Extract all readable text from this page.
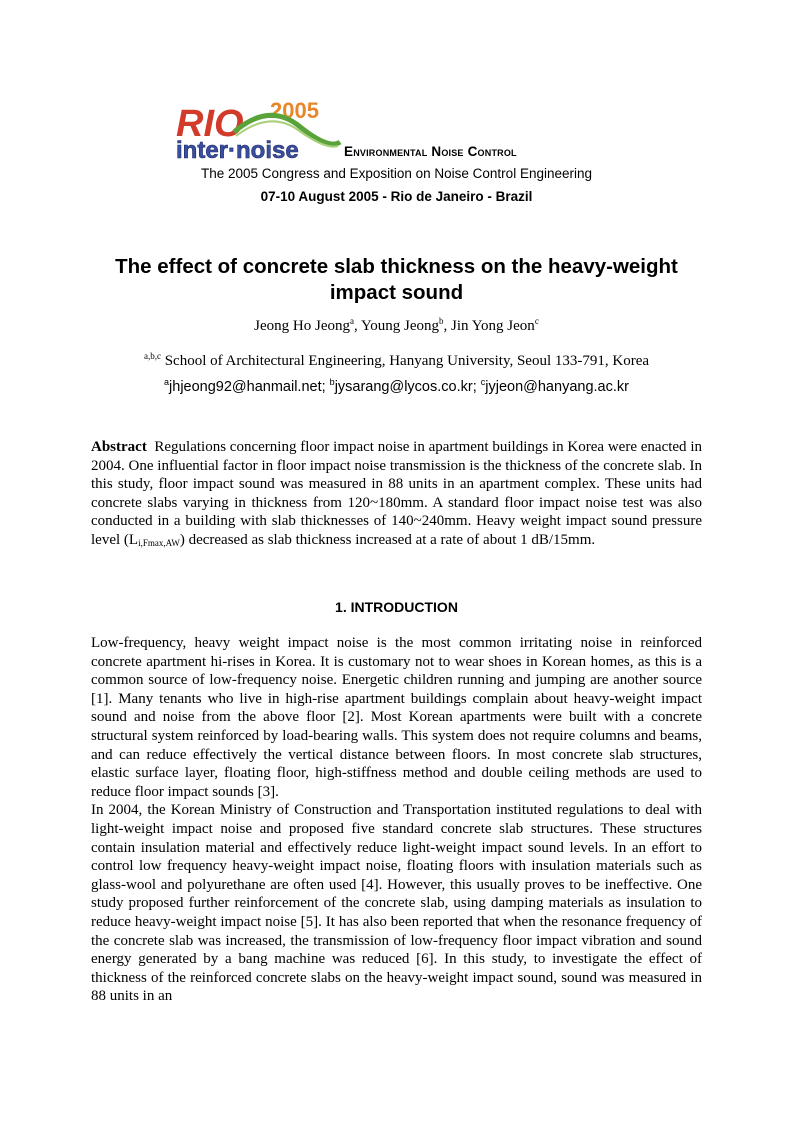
RIO 2005
inter·noise	Environmental Noise Control
The 2005 Congress and Exposition on Noise Control Engineering
07-10 August 2005 - Rio de Janeiro - Brazil
The effect of concrete slab thickness on the heavy-weight impact sound
Jeong Ho Jeong$^a$, Young Jeong$^b$, Jin Yong Jeon$^c$
$^{a,b,c}$ School of Architectural Engineering, Hanyang University, Seoul 133-791, Korea
$^a$jhjeong92@hanmail.net; $^b$jysarang@lycos.co.kr; $^c$jyjeon@hanyang.ac.kr

Abstract Regulations concerning floor impact noise in apartment buildings in Korea were enacted in 2004. One influential factor in floor impact noise transmission is the thickness of the concrete slab. In this study, floor impact sound was measured in 88 units in an apartment complex. These units had concrete slabs varying in thickness from 120~180mm. A standard floor impact noise test was also conducted in a building with slab thicknesses of 140~240mm. Heavy weight impact sound pressure level $(L_{i,Fmax,AW})$ decreased as slab thickness increased at a rate of about 1 dB/15mm.

1. INTRODUCTION

Low-frequency, heavy weight impact noise is the most common irritating noise in reinforced concrete apartment hi-rises in Korea. It is customary not to wear shoes in Korean homes, as this is a common source of low-frequency noise. Energetic children running and jumping are another source [1]. Many tenants who live in high-rise apartment buildings complain about heavy-weight impact sound and noise from the above floor [2]. Most Korean apartments were built with a concrete structural system reinforced by load-bearing walls. This system does not require columns and beams, and can reduce effectively the vertical distance between floors. In most concrete slab structures, elastic surface layer, floating floor, high-stiffness method and double ceiling methods are used to reduce floor impact sounds [3].

In 2004, the Korean Ministry of Construction and Transportation instituted regulations to deal with light-weight impact noise and proposed five standard concrete slab structures. These structures contain insulation material and effectively reduce light-weight impact sound levels. In an effort to control low frequency heavy-weight impact noise, floating floors with insulation materials such as glass-wool and polyurethane are often used [4]. However, this usually proves to be ineffective. One study proposed further reinforcement of the concrete slab, using damping materials as insulation to reduce heavy-weight impact noise [5]. It has also been reported that when the resonance frequency of the concrete slab was increased, the transmission of low-frequency floor impact vibration and sound energy generated by a bang machine was reduced [6]. In this study, to investigate the effect of thickness of the reinforced concrete slabs on the heavy-weight impact sound, sound was measured in 88 units in an
